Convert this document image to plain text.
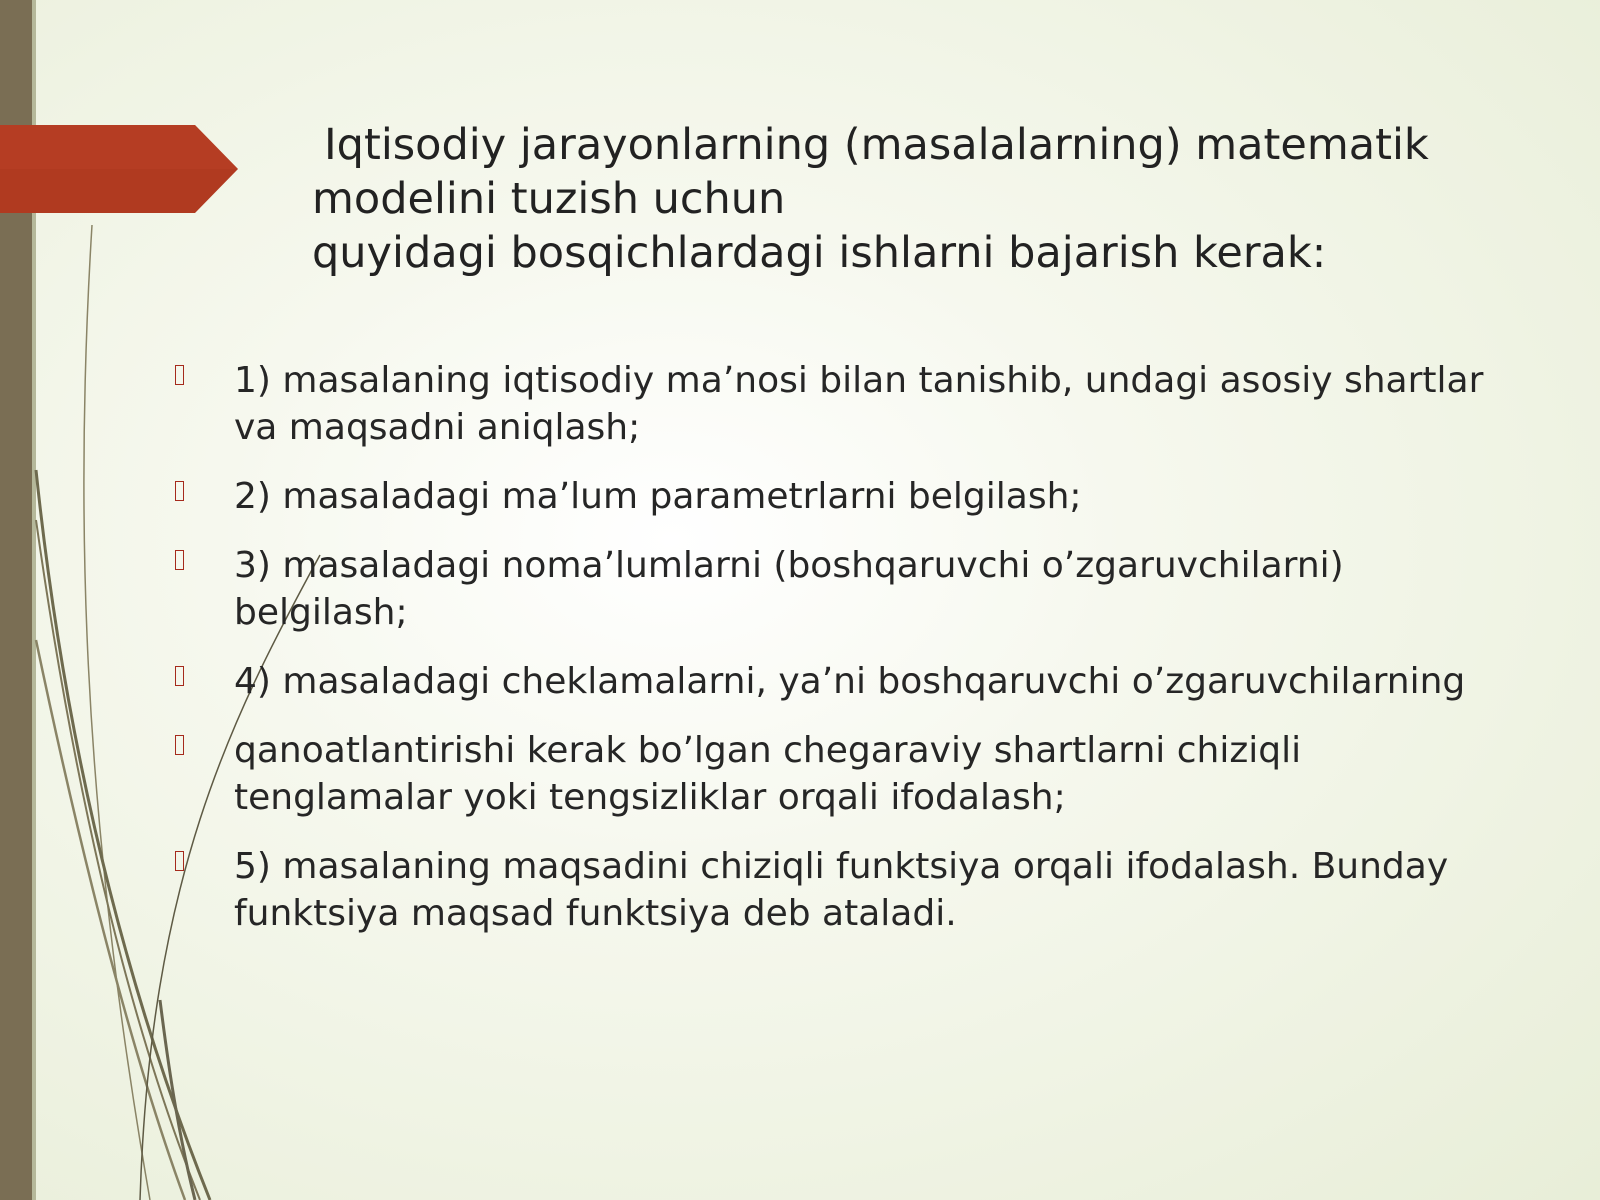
Iqtisodiy jarayonlarning (masalalarning) matematik
modelini tuzish uchun
quyidagi bosqichlardagi ishlarni bajarish kerak:
1) masalaning iqtisodiy ma’nosi bilan tanishib, undagi asosiy shartlar va maqsadni aniqlash;
2) masaladagi ma’lum parametrlarni belgilash;
3) masaladagi noma’lumlarni (boshqaruvchi o’zgaruvchilarni) belgilash;
4) masaladagi cheklamalarni, ya’ni boshqaruvchi o’zgaruvchilarning
qanoatlantirishi kerak bo’lgan chegaraviy shartlarni chiziqli tenglamalar yoki tengsizliklar orqali ifodalash;
5) masalaning maqsadini chiziqli funktsiya orqali ifodalash. Bunday funktsiya maqsad funktsiya deb ataladi.
